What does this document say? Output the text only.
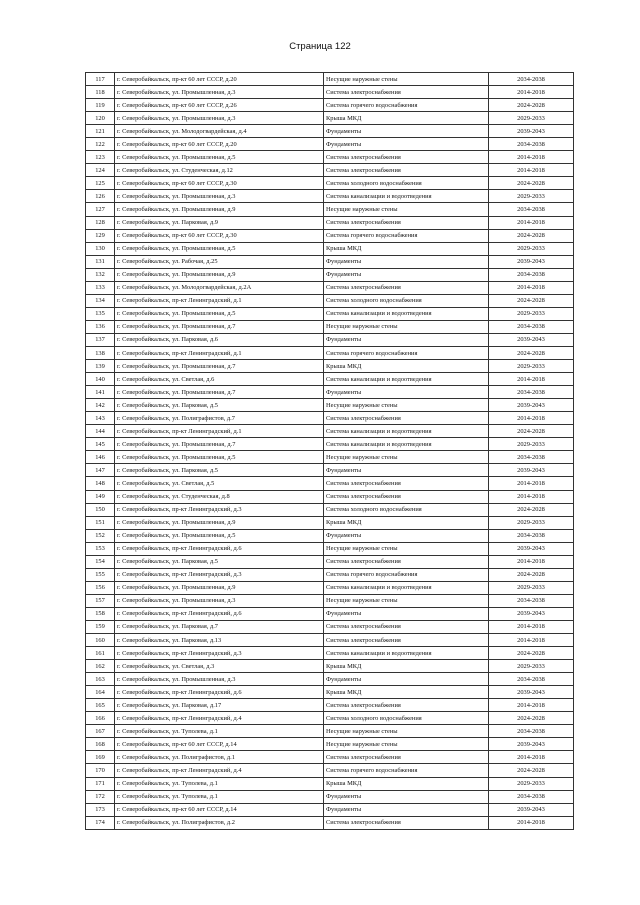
Страница 122
117	г. Северобайкальск, пр-кт 60 лет СССР, д.20	Несущие наружные стены	2034-2038
118	г. Северобайкальск, ул. Промышленная, д.3	Система электроснабжения	2014-2018
119	г. Северобайкальск, пр-кт 60 лет СССР, д.26	Система горячего водоснабжения	2024-2028
120	г. Северобайкальск, ул. Промышленная, д.3	Крыша МКД	2029-2033
121	г. Северобайкальск, ул. Молодогвардейская, д.4	Фундаменты	2039-2043
122	г. Северобайкальск, пр-кт 60 лет СССР, д.20	Фундаменты	2034-2038
123	г. Северобайкальск, ул. Промышленная, д.5	Система электроснабжения	2014-2018
124	г. Северобайкальск, ул. Студенческая, д.12	Система электроснабжения	2014-2018
125	г. Северобайкальск, пр-кт 60 лет СССР, д.30	Система холодного водоснабжения	2024-2028
126	г. Северобайкальск, ул. Промышленная, д.3	Система канализации и водоотведения	2029-2033
127	г. Северобайкальск, ул. Промышленная, д.9	Несущие наружные стены	2034-2038
128	г. Северобайкальск, ул. Парковая, д.9	Система электроснабжения	2014-2018
129	г. Северобайкальск, пр-кт 60 лет СССР, д.30	Система горячего водоснабжения	2024-2028
130	г. Северобайкальск, ул. Промышленная, д.5	Крыша МКД	2029-2033
131	г. Северобайкальск, ул. Рабочая, д.25	Фундаменты	2039-2043
132	г. Северобайкальск, ул. Промышленная, д.9	Фундаменты	2034-2038
133	г. Северобайкальск, ул. Молодогвардейская, д.2А	Система электроснабжения	2014-2018
134	г. Северобайкальск, пр-кт Ленинградский, д.1	Система холодного водоснабжения	2024-2028
135	г. Северобайкальск, ул. Промышленная, д.5	Система канализации и водоотведения	2029-2033
136	г. Северобайкальск, ул. Промышленная, д.7	Несущие наружные стены	2034-2038
137	г. Северобайкальск, ул. Парковая, д.6	Фундаменты	2039-2043
138	г. Северобайкальск, пр-кт Ленинградский, д.1	Система горячего водоснабжения	2024-2028
139	г. Северобайкальск, ул. Промышленная, д.7	Крыша МКД	2029-2033
140	г. Северобайкальск, ул. Светлая, д.6	Система канализации и водоотведения	2014-2018
141	г. Северобайкальск, ул. Промышленная, д.7	Фундаменты	2034-2038
142	г. Северобайкальск, ул. Парковая, д.5	Несущие наружные стены	2039-2043
143	г. Северобайкальск, ул. Полиграфистов, д.7	Система электроснабжения	2014-2018
144	г. Северобайкальск, пр-кт Ленинградский, д.1	Система канализации и водоотведения	2024-2028
145	г. Северобайкальск, ул. Промышленная, д.7	Система канализации и водоотведения	2029-2033
146	г. Северобайкальск, ул. Промышленная, д.5	Несущие наружные стены	2034-2038
147	г. Северобайкальск, ул. Парковая, д.5	Фундаменты	2039-2043
148	г. Северобайкальск, ул. Светлая, д.5	Система электроснабжения	2014-2018
149	г. Северобайкальск, ул. Студенческая, д.8	Система электроснабжения	2014-2018
150	г. Северобайкальск, пр-кт Ленинградский, д.3	Система холодного водоснабжения	2024-2028
151	г. Северобайкальск, ул. Промышленная, д.9	Крыша МКД	2029-2033
152	г. Северобайкальск, ул. Промышленная, д.5	Фундаменты	2034-2038
153	г. Северобайкальск, пр-кт Ленинградский, д.6	Несущие наружные стены	2039-2043
154	г. Северобайкальск, ул. Парковая, д.5	Система электроснабжения	2014-2018
155	г. Северобайкальск, пр-кт Ленинградский, д.3	Система горячего водоснабжения	2024-2028
156	г. Северобайкальск, ул. Промышленная, д.9	Система канализации и водоотведения	2029-2033
157	г. Северобайкальск, ул. Промышленная, д.3	Несущие наружные стены	2034-2038
158	г. Северобайкальск, пр-кт Ленинградский, д.6	Фундаменты	2039-2043
159	г. Северобайкальск, ул. Парковая, д.7	Система электроснабжения	2014-2018
160	г. Северобайкальск, ул. Парковая, д.13	Система электроснабжения	2014-2018
161	г. Северобайкальск, пр-кт Ленинградский, д.3	Система канализации и водоотведения	2024-2028
162	г. Северобайкальск, ул. Светлая, д.3	Крыша МКД	2029-2033
163	г. Северобайкальск, ул. Промышленная, д.3	Фундаменты	2034-2038
164	г. Северобайкальск, пр-кт Ленинградский, д.6	Крыша МКД	2039-2043
165	г. Северобайкальск, ул. Парковая, д.17	Система электроснабжения	2014-2018
166	г. Северобайкальск, пр-кт Ленинградский, д.4	Система холодного водоснабжения	2024-2028
167	г. Северобайкальск, ул. Туполева, д.1	Несущие наружные стены	2034-2038
168	г. Северобайкальск, пр-кт 60 лет СССР, д.14	Несущие наружные стены	2039-2043
169	г. Северобайкальск, ул. Полиграфистов, д.1	Система электроснабжения	2014-2018
170	г. Северобайкальск, пр-кт Ленинградский, д.4	Система горячего водоснабжения	2024-2028
171	г. Северобайкальск, ул. Туполева, д.1	Крыша МКД	2029-2033
172	г. Северобайкальск, ул. Туполева, д.1	Фундаменты	2034-2038
173	г. Северобайкальск, пр-кт 60 лет СССР, д.14	Фундаменты	2039-2043
174	г. Северобайкальск, ул. Полиграфистов, д.2	Система электроснабжения	2014-2018
